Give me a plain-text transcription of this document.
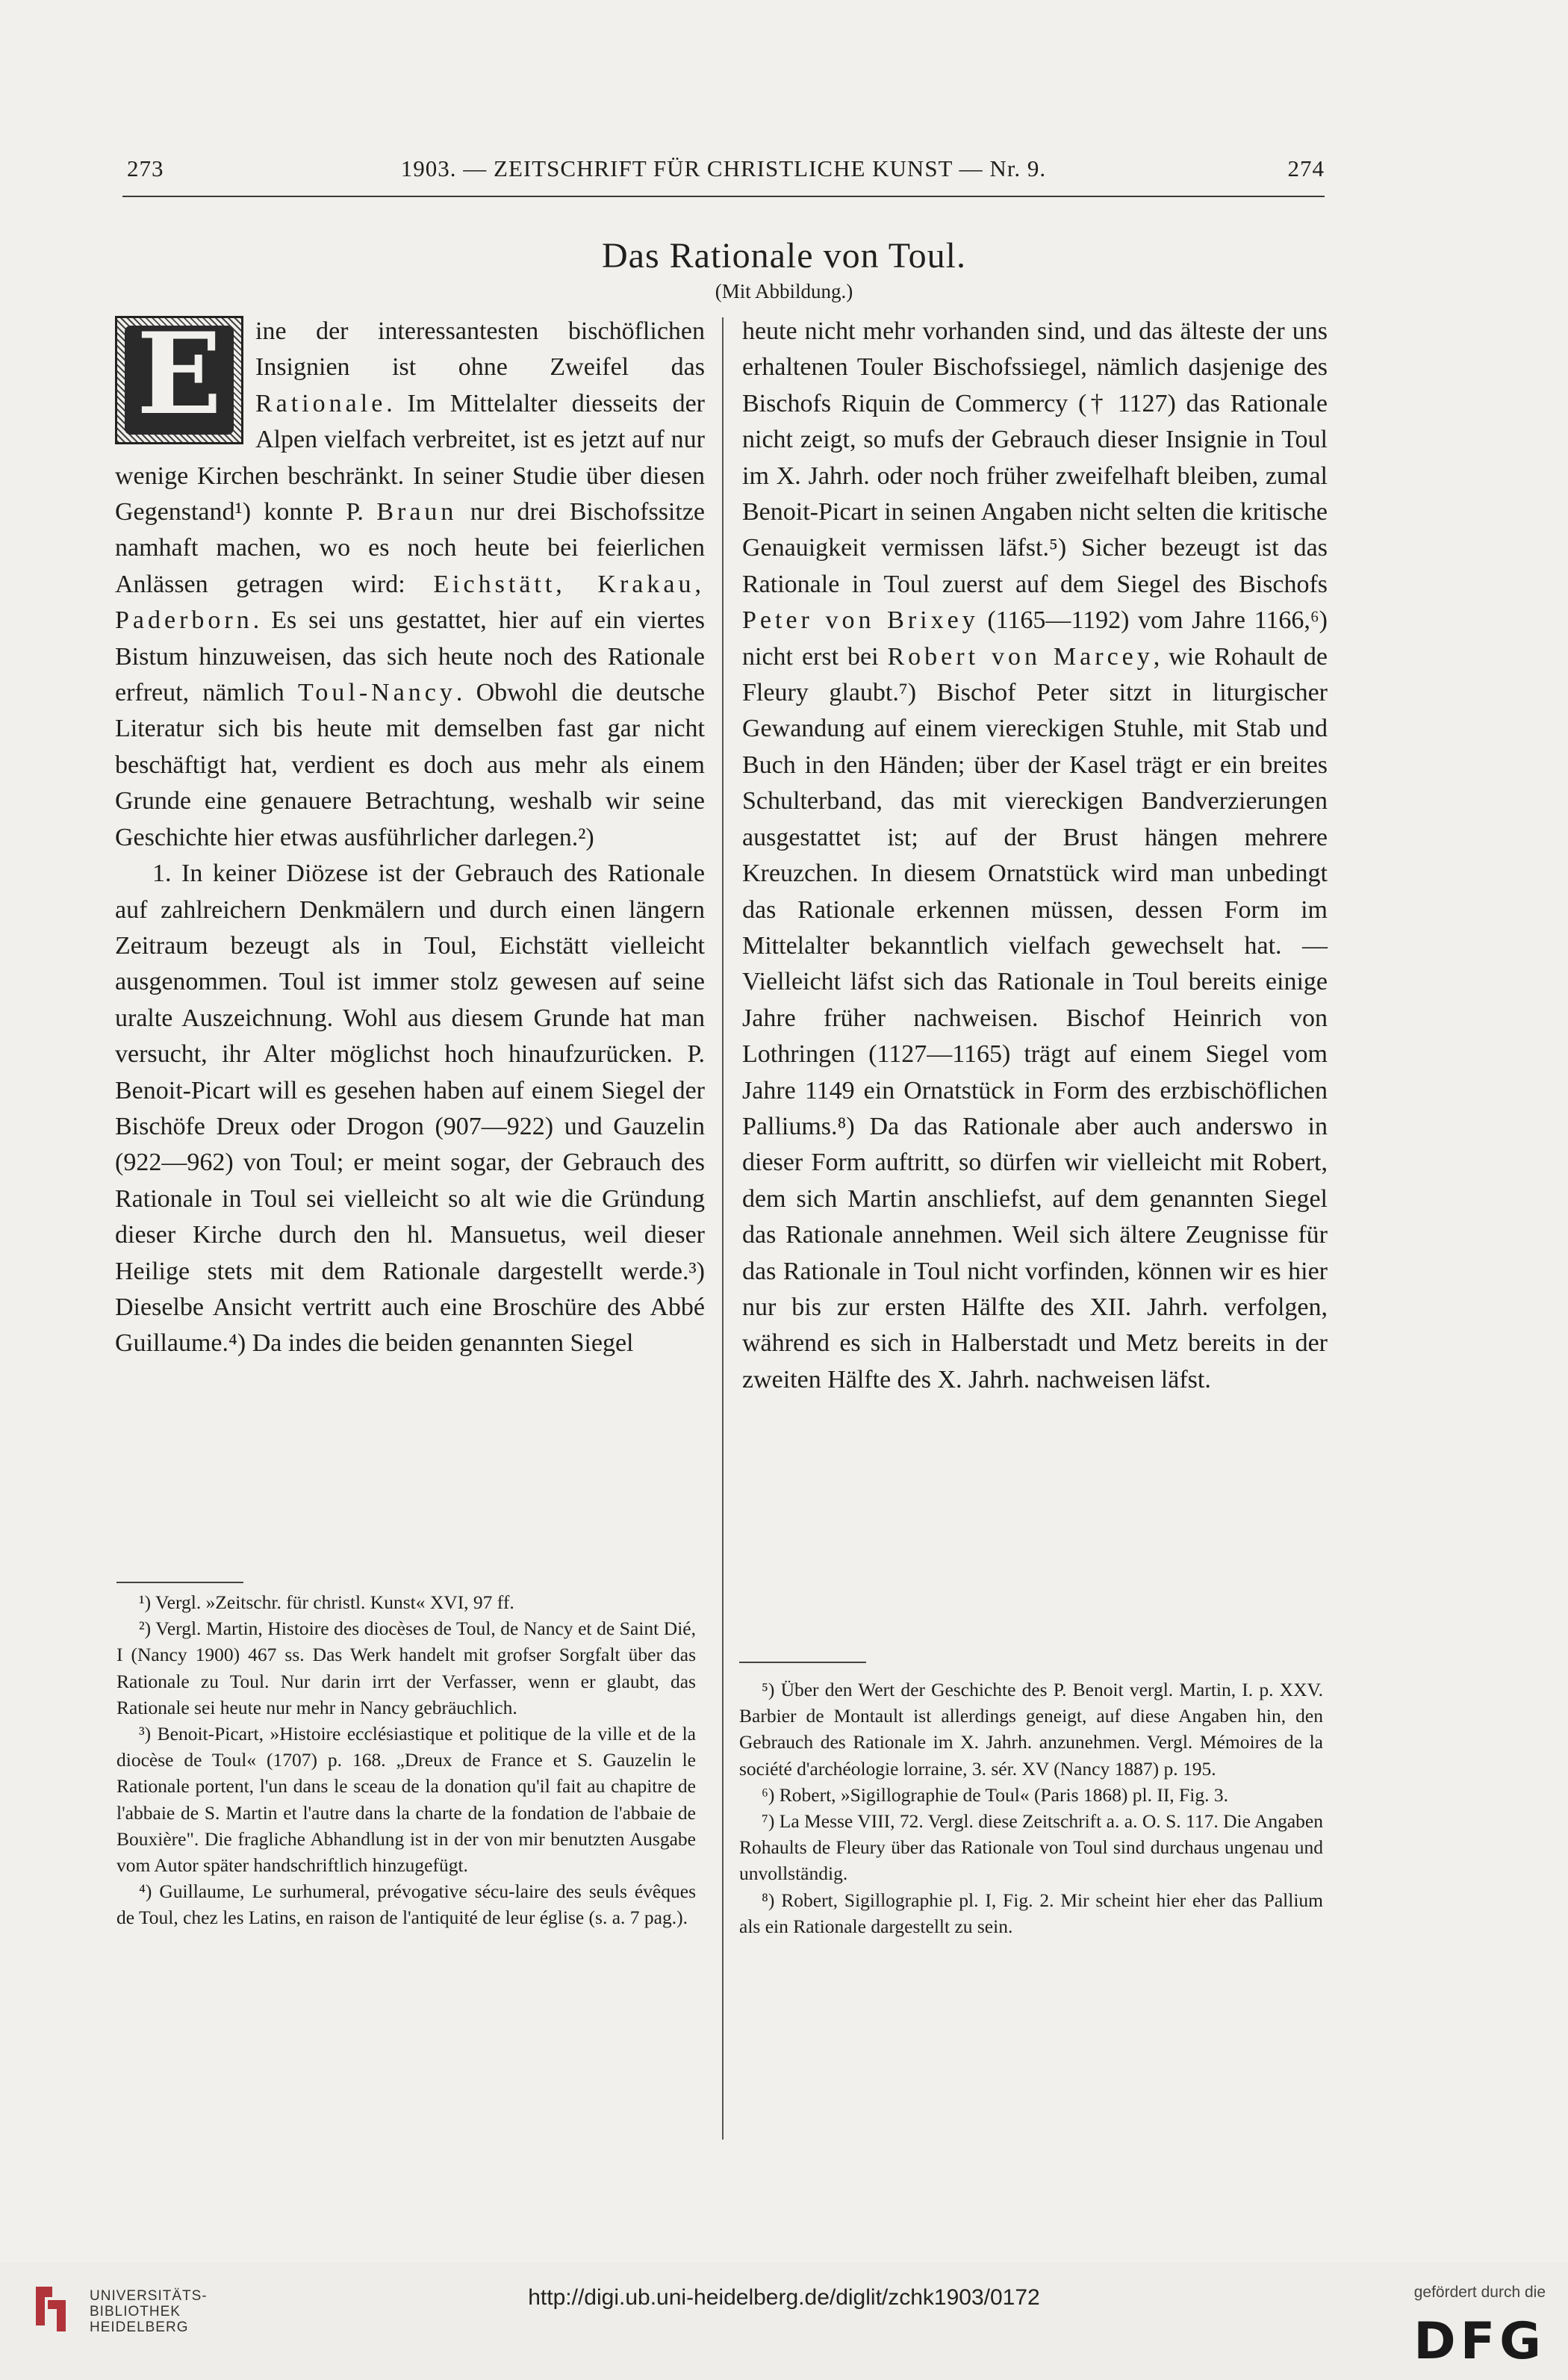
273	1903. — ZEITSCHRIFT FÜR CHRISTLICHE KUNST — Nr. 9.	274
Das Rationale von Toul.
(Mit Abbildung.)
E	ine der interessantesten bischöflichen Insignien ist ohne Zweifel das Rationale. Im Mittelalter diesseits der Alpen vielfach verbreitet, ist es jetzt auf nur wenige Kirchen beschränkt. In seiner Studie über diesen Gegenstand¹) konnte P. Braun nur drei Bischofssitze namhaft machen, wo es noch heute bei feierlichen Anlässen getragen wird: Eichstätt, Krakau, Paderborn. Es sei uns gestattet, hier auf ein viertes Bistum hinzuweisen, das sich heute noch des Rationale erfreut, nämlich Toul-Nancy. Obwohl die deutsche Literatur sich bis heute mit demselben fast gar nicht beschäftigt hat, verdient es doch aus mehr als einem Grunde eine genauere Betrachtung, weshalb wir seine Geschichte hier etwas ausführlicher darlegen.²)

1. In keiner Diözese ist der Gebrauch des Rationale auf zahlreichern Denkmälern und durch einen längern Zeitraum bezeugt als in Toul, Eichstätt vielleicht ausgenommen. Toul ist immer stolz gewesen auf seine uralte Auszeichnung. Wohl aus diesem Grunde hat man versucht, ihr Alter möglichst hoch hinaufzurücken. P. Benoit-Picart will es gesehen haben auf einem Siegel der Bischöfe Dreux oder Drogon (907—922) und Gauzelin (922—962) von Toul; er meint sogar, der Gebrauch des Rationale in Toul sei vielleicht so alt wie die Gründung dieser Kirche durch den hl. Mansuetus, weil dieser Heilige stets mit dem Rationale dargestellt werde.³) Dieselbe Ansicht vertritt auch eine Broschüre des Abbé Guillaume.⁴) Da indes die beiden genannten Siegel

heute nicht mehr vorhanden sind, und das älteste der uns erhaltenen Touler Bischofssiegel, nämlich dasjenige des Bischofs Riquin de Commercy († 1127) das Rationale nicht zeigt, so mufs der Gebrauch dieser Insignie in Toul im X. Jahrh. oder noch früher zweifelhaft bleiben, zumal Benoit-Picart in seinen Angaben nicht selten die kritische Genauigkeit vermissen läfst.⁵) Sicher bezeugt ist das Rationale in Toul zuerst auf dem Siegel des Bischofs Peter von Brixey (1165—1192) vom Jahre 1166,⁶) nicht erst bei Robert von Marcey, wie Rohault de Fleury glaubt.⁷) Bischof Peter sitzt in liturgischer Gewandung auf einem viereckigen Stuhle, mit Stab und Buch in den Händen; über der Kasel trägt er ein breites Schulterband, das mit viereckigen Bandverzierungen ausgestattet ist; auf der Brust hängen mehrere Kreuzchen. In diesem Ornatstück wird man unbedingt das Rationale erkennen müssen, dessen Form im Mittelalter bekanntlich vielfach gewechselt hat. — Vielleicht läfst sich das Rationale in Toul bereits einige Jahre früher nachweisen. Bischof Heinrich von Lothringen (1127—1165) trägt auf einem Siegel vom Jahre 1149 ein Ornatstück in Form des erzbischöflichen Palliums.⁸) Da das Rationale aber auch anderswo in dieser Form auftritt, so dürfen wir vielleicht mit Robert, dem sich Martin anschliefst, auf dem genannten Siegel das Rationale annehmen. Weil sich ältere Zeugnisse für das Rationale in Toul nicht vorfinden, können wir es hier nur bis zur ersten Hälfte des XII. Jahrh. verfolgen, während es sich in Halberstadt und Metz bereits in der zweiten Hälfte des X. Jahrh. nachweisen läfst.

¹) Vergl. »Zeitschr. für christl. Kunst« XVI, 97 ff.

²) Vergl. Martin, Histoire des diocèses de Toul, de Nancy et de Saint Dié, I (Nancy 1900) 467 ss. Das Werk handelt mit grofser Sorgfalt über das Rationale zu Toul. Nur darin irrt der Verfasser, wenn er glaubt, das Rationale sei heute nur mehr in Nancy gebräuchlich.

³) Benoit-Picart, »Histoire ecclésiastique et politique de la ville et de la diocèse de Toul« (1707) p. 168. „Dreux de France et S. Gauzelin le Rationale portent, l'un dans le sceau de la donation qu'il fait au chapitre de l'abbaie de S. Martin et l'autre dans la charte de la fondation de l'abbaie de Bouxière". Die fragliche Abhandlung ist in der von mir benutzten Ausgabe vom Autor später handschriftlich hinzugefügt.

⁴) Guillaume, Le surhumeral, prévogative sécu-laire des seuls évêques de Toul, chez les Latins, en raison de l'antiquité de leur église (s. a. 7 pag.).

⁵) Über den Wert der Geschichte des P. Benoit vergl. Martin, I. p. XXV. Barbier de Montault ist allerdings geneigt, auf diese Angaben hin, den Gebrauch des Rationale im X. Jahrh. anzunehmen. Vergl. Mémoires de la société d'archéologie lorraine, 3. sér. XV (Nancy 1887) p. 195.

⁶) Robert, »Sigillographie de Toul« (Paris 1868) pl. II, Fig. 3.

⁷) La Messe VIII, 72. Vergl. diese Zeitschrift a. a. O. S. 117. Die Angaben Rohaults de Fleury über das Rationale von Toul sind durchaus ungenau und unvollständig.

⁸) Robert, Sigillographie pl. I, Fig. 2. Mir scheint hier eher das Pallium als ein Rationale dargestellt zu sein.

UNIVERSITÄTS-
BIBLIOTHEK
HEIDELBERG
http://digi.ub.uni-heidelberg.de/diglit/zchk1903/0172	gefördert durch die
DFG
